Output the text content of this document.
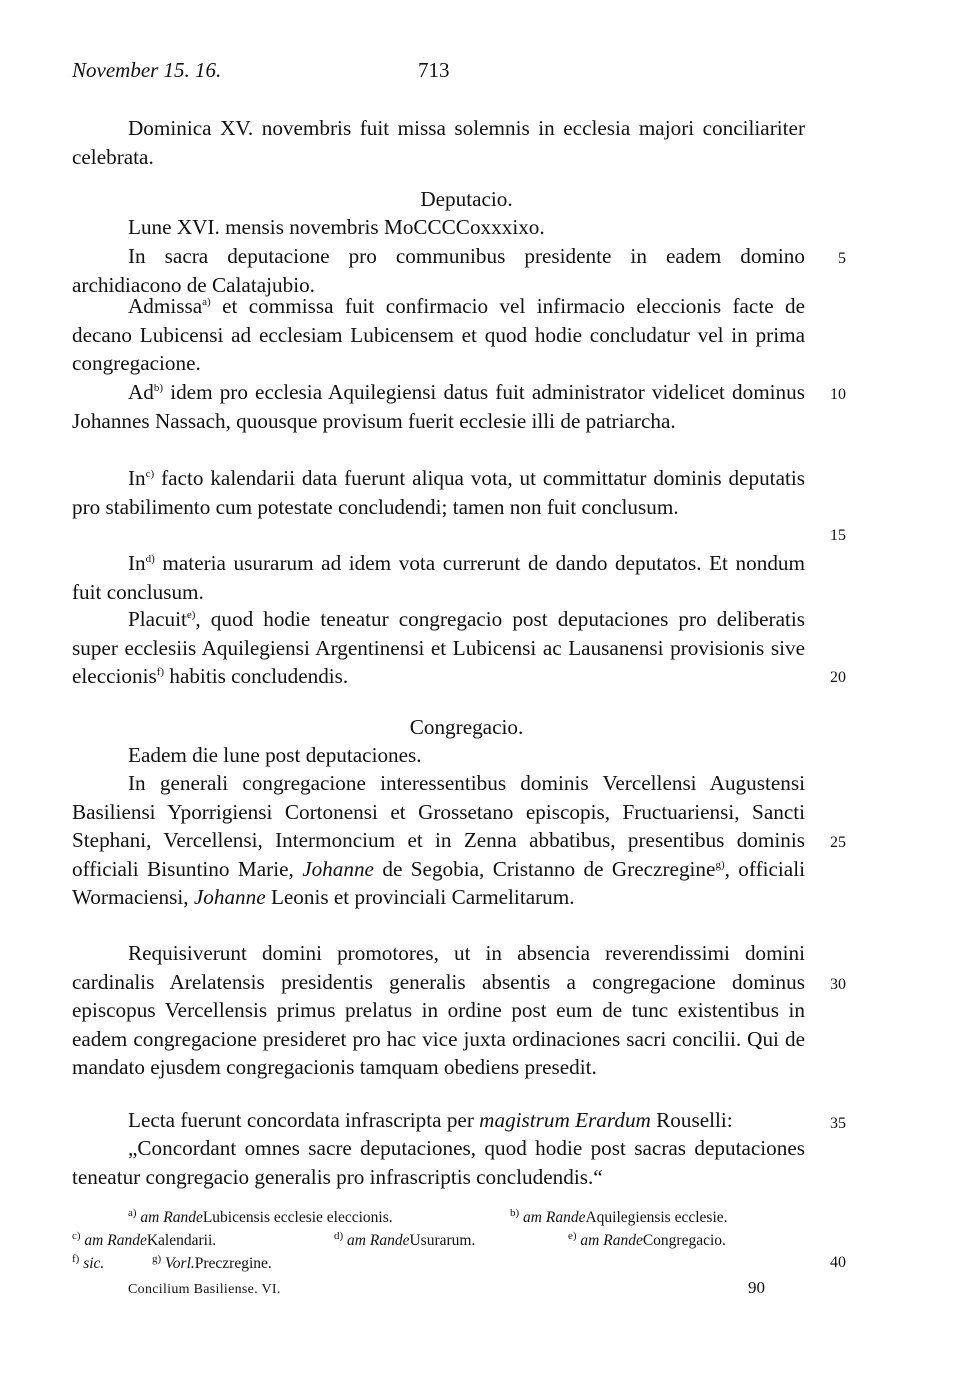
November 15. 16.	713
Dominica XV. novembris fuit missa solemnis in ecclesia majori conciliariter celebrata.
Deputacio.
Lune XVI. mensis novembris MoCCCCoxxxixo.
In sacra deputacione pro communibus presidente in eadem domino archidiacono de Calatajubio.
Admissa$^{a)}$ et commissa fuit confirmacio vel infirmacio eleccionis facte de decano Lubicensi ad ecclesiam Lubicensem et quod hodie concludatur vel in prima congregacione.
Ad$^{b)}$ idem pro ecclesia Aquilegiensi datus fuit administrator videlicet dominus Johannes Nassach, quousque provisum fuerit ecclesie illi de patriarcha.
In$^{c)}$ facto kalendarii data fuerunt aliqua vota, ut committatur dominis deputatis pro stabilimento cum potestate concludendi; tamen non fuit conclusum.
In$^{d)}$ materia usurarum ad idem vota currerunt de dando deputatos. Et nondum fuit conclusum.
Placuit$^{e)}$, quod hodie teneatur congregacio post deputaciones pro deliberatis super ecclesiis Aquilegiensi Argentinensi et Lubicensi ac Lausanensi provisionis sive eleccionis$^{f)}$ habitis concludendis.
Congregacio.
Eadem die lune post deputaciones.
In generali congregacione interessentibus dominis Vercellensi Augustensi Basiliensi Yporrigiensi Cortonensi et Grossetano episcopis, Fructuariensi, Sancti Stephani, Vercellensi, Intermoncium et in Zenna abbatibus, presentibus dominis officiali Bisuntino Marie, Johanne de Segobia, Cristanno de Greczregine$^{g)}$, officiali Wormaciensi, Johanne Leonis et provinciali Carmelitarum.
Requisiverunt domini promotores, ut in absencia reverendissimi domini cardinalis Arelatensis presidentis generalis absentis a congregacione dominus episcopus Vercellensis primus prelatus in ordine post eum de tunc existentibus in eadem congregacione presideret pro hac vice juxta ordinaciones sacri concilii. Qui de mandato ejusdem congregacionis tamquam obediens presedit.
Lecta fuerunt concordata infrascripta per magistrum Erardum Rouselli:
„Concordant omnes sacre deputaciones, quod hodie post sacras deputaciones teneatur congregacio generalis pro infrascriptis concludendis.“
5
10
15
20
25
30
35
40
$^{a)}$ am RandeLubicensis ecclesie eleccionis.	$^{b)}$ am RandeAquilegiensis ecclesie.
$^{c)}$ am RandeKalendarii.	$^{d)}$ am RandeUsurarum.	$^{e)}$ am RandeCongregacio.
$^{f)}$ sic.	$^{g)}$ Vorl.Preczregine.
Concilium Basiliense. VI.	90
